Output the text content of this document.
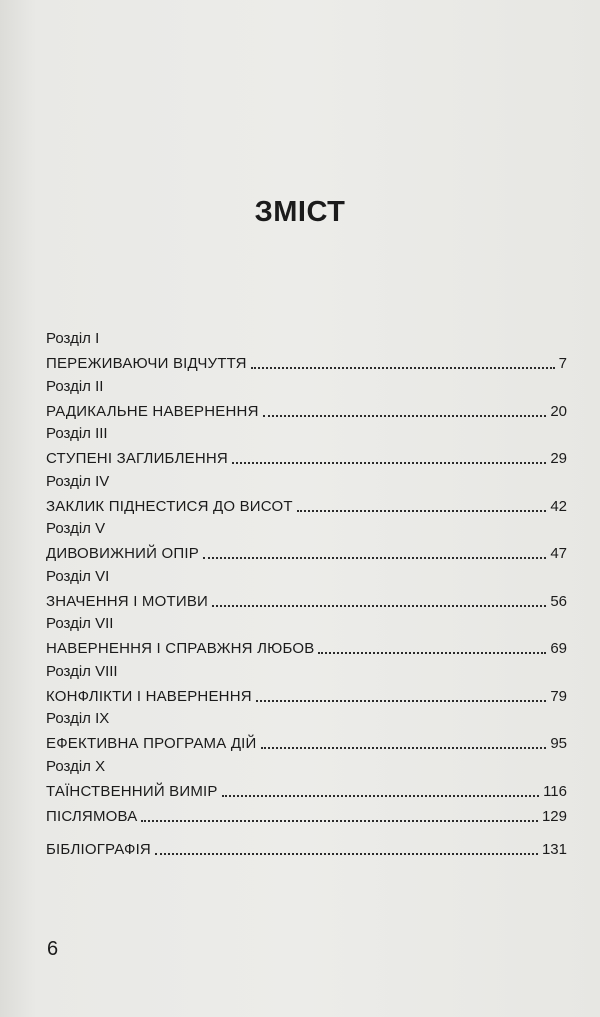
ЗМІСТ
Розділ I
ПЕРЕЖИВАЮЧИ ВІДЧУТТЯ	7
Розділ II
РАДИКАЛЬНЕ НАВЕРНЕННЯ	20
Розділ III
СТУПЕНІ ЗАГЛИБЛЕННЯ	29
Розділ IV
ЗАКЛИК ПІДНЕСТИСЯ ДО ВИСОТ	42
Розділ V
ДИВОВИЖНИЙ ОПІР	47
Розділ VI
ЗНАЧЕННЯ І МОТИВИ	56
Розділ VII
НАВЕРНЕННЯ І СПРАВЖНЯ ЛЮБОВ	69
Розділ VIII
КОНФЛІКТИ І НАВЕРНЕННЯ	79
Розділ IX
ЕФЕКТИВНА ПРОГРАМА ДІЙ	95
Розділ X
ТАЇНСТВЕННИЙ ВИМІР	116
ПІСЛЯМОВА	129
БІБЛІОГРАФІЯ	131
6
